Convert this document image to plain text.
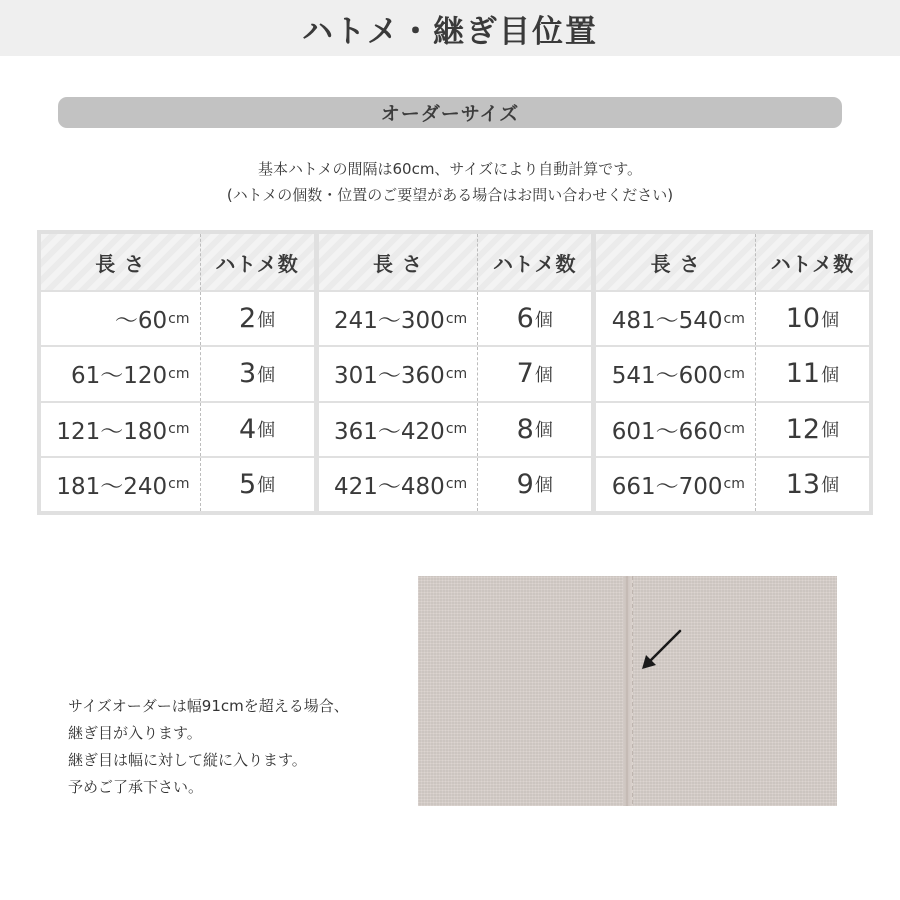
ハトメ・継ぎ目位置
オーダーサイズ
基本ハトメの間隔は60cm、サイズにより自動計算です。
(ハトメの個数・位置のご要望がある場合はお問い合わせください)
長 さ	ハトメ数
〜60 cm 2 個
61〜120 cm 3 個
121〜180 cm 4 個
181〜240 cm 5 個
長 さ	ハトメ数
241〜300 cm 6 個
301〜360 cm 7 個
361〜420 cm 8 個
421〜480 cm 9 個
長 さ	ハトメ数
481〜540 cm 10 個
541〜600 cm 11 個
601〜660 cm 12 個
661〜700 cm 13 個
サイズオーダーは幅91cmを超える場合、
継ぎ目が入ります。
継ぎ目は幅に対して縦に入ります。
予めご了承下さい。
